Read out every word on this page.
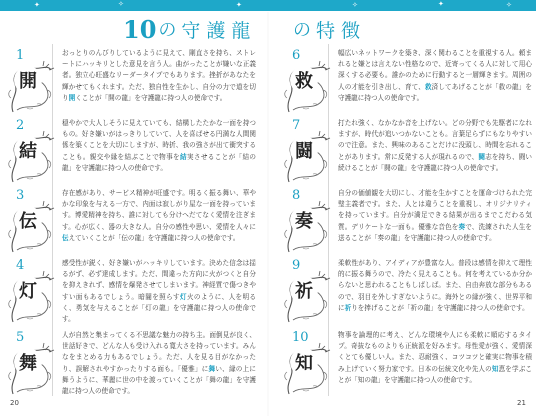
✦	✧	✦	✧	✦	✧
10 の 守護龍 の 特徴
1
開

おっとりのんびりしているように見えて、剛直さを持ち、ストレートにハッキリとした意見を言う人。曲がったことが嫌いな正義者。独立心旺盛なリーダータイプでもあります。挫折があなたを輝かせてもくれます。ただ、独自性を生かし、自分の力で道を切り開くことが「開の龍」を守護龍に持つ人の使命です。

2
結

穏やかで大人しそうに見えていても、結構したたかな一面を持つもの。好き嫌いがはっきりしていて、人を喜ばせる円満な人間関係を築くことを大切にしますが、時折、我の強さが出て衝突することも。親交や縁を結ぶことで物事を結実させることが「結の龍」を守護龍に持つ人の使命です。

3
伝

存在感があり、サービス精神が旺盛です。明るく振る舞い、華やかな印象を与える一方で、内面は寂しがり屋な一面を持っています。博愛精神を持ち、誰に対しても分けへだてなく愛情を注ぎます。心が広く、器の大きな人。自分の感性や思い、愛情を人々に伝えていくことが「伝の龍」を守護龍に持つ人の使命です。

4
灯

感受性が鋭く、好き嫌いがハッキリしています。決めた信念は揺るがず、必ず達成します。ただ、間違った方向に火がつくと自分を抑えきれず、感情を爆発させてしまいます。神経質で傷つきやすい面もあるでしょう。暗闇を照らす灯火のように、人を明るく、勇気を与えることが「灯の龍」を守護龍に持つ人の使命です。

5
舞

人が自然と集まってくる不思議な魅力の持ち主。面倒見が良く、世話好きで、どんな人も受け入れる寛大さを持っています。みんなをまとめる力もあるでしょう。ただ、人を見る目がなかったり、誤解されやすかったりする面も。「優雅」に舞い、縁の上に舞うように、華麗に世の中を渡っていくことが「舞の龍」を守護龍に持つ人の使命です。

6
救

幅広いネットワークを築き、深く関わることを重視する人。頼まれると嫌とは言えない性格なので、近寄ってくる人に対して用心深くする必要も。誰かのために行動すると一層輝きます。周囲の人の才能を引き出し、育て、救済してあげることが「救の龍」を守護龍に持つ人の使命です。

7
闘

打たれ強く、なかなか音を上げない。どの分野でも先駆者になれますが、時代が追いつかないことも。言葉足らずにもなりやすいので注意。また、興味のあることだけに没頭し、時間を忘れることがあります。常に反発する人が現れるので、闘志を持ち、闘い続けることが「闘の龍」を守護龍に持つ人の使命です。

8
奏

自分の価値観を大切にし、才能を生かすことを運命づけられた完璧主義者です。また、人とは違うことを重視し、オリジナリティを持っています。自分が満足できる結果が出るまでこだわる気質。デリケートな一面も。優雅な音色を奏で、洗練された人生を送ることが「奏の龍」を守護龍に持つ人の使命です。

9
祈

柔軟性があり、アイディアが豊富な人。普段は感情を抑えて理性的に振る舞うので、冷たく見えることも。何を考えているか分からないと思われることもしばしば。また、自由奔放な部分もあるので、羽目を外しすぎないように。海外との縁が強く、世界平和に祈りを捧げることが「祈の龍」を守護龍に持つ人の使命です。

10
知

物事を論理的に考え、どんな環境や人にも柔軟に順応するタイプ。奇抜なものよりも正統派を好みます。母性愛が強く、愛情深くとても優しい人。また、忍耐強く、コツコツと確実に物事を積み上げていく努力家です。日本の伝統文化や先人の知恵を学ぶことが「知の龍」を守護龍に持つ人の使命です。

20	21
